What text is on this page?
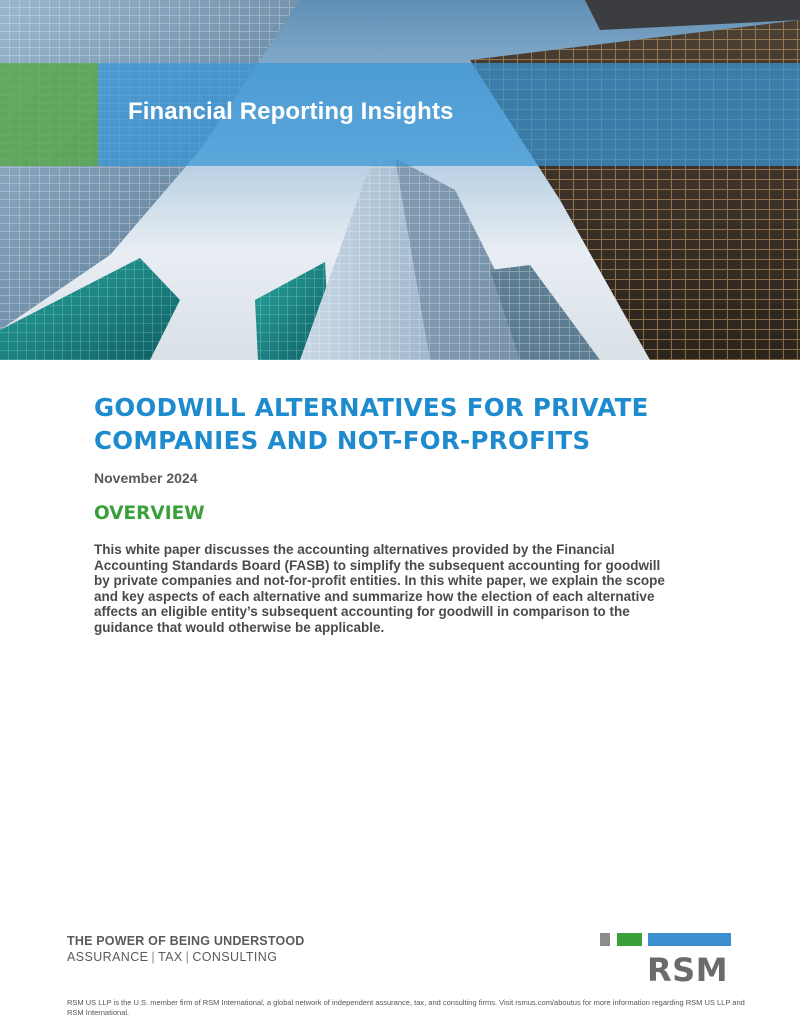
Financial Reporting Insights
GOODWILL ALTERNATIVES FOR PRIVATE
COMPANIES AND NOT-FOR-PROFITS

November 2024

OVERVIEW

This white paper discusses the accounting alternatives provided by the Financial
Accounting Standards Board (FASB) to simplify the subsequent accounting for goodwill
by private companies and not-for-profit entities. In this white paper, we explain the scope
and key aspects of each alternative and summarize how the election of each alternative
affects an eligible entity’s subsequent accounting for goodwill in comparison to the
guidance that would otherwise be applicable.

THE POWER OF BEING UNDERSTOOD

ASSURANCE | TAX | CONSULTING	RSM

RSM US LLP is the U.S. member firm of RSM International, a global network of independent assurance, tax, and consulting firms. Visit rsmus.com/aboutus for more information regarding RSM US LLP and
RSM International.
